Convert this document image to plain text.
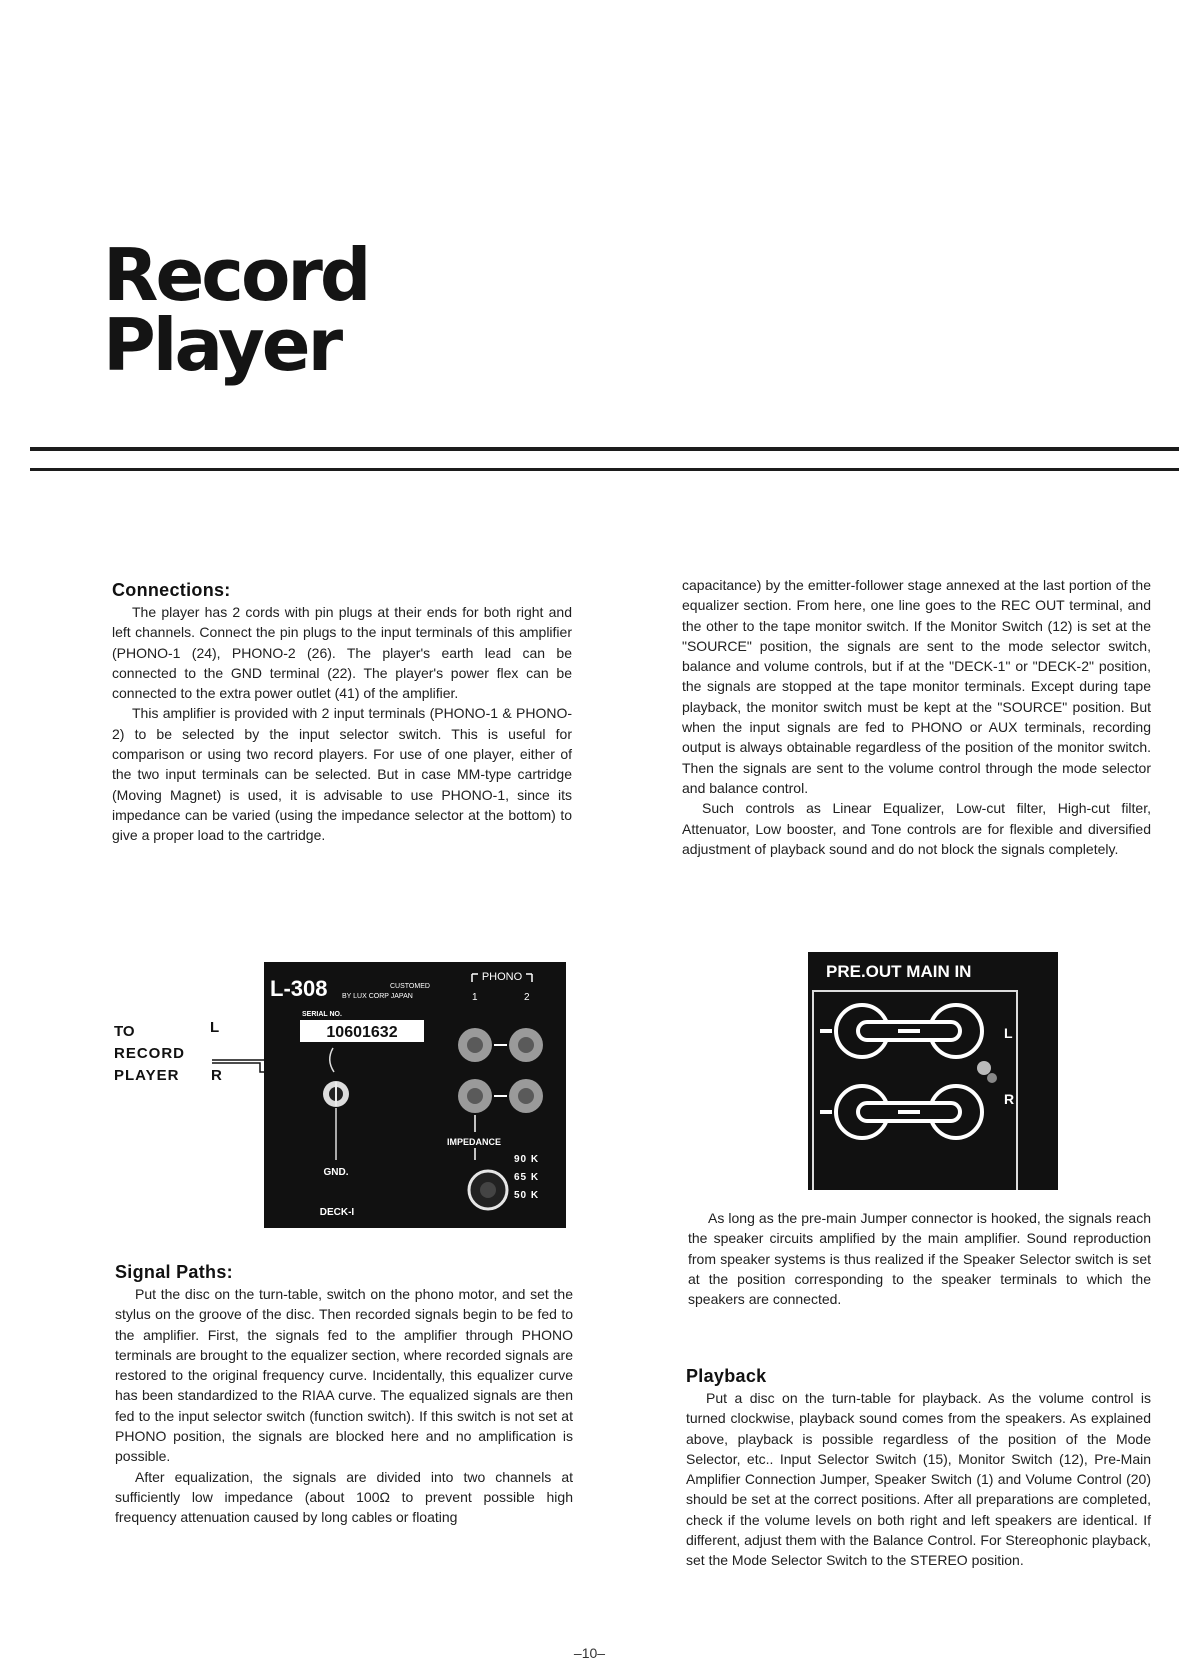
Record
Player
Connections:

The player has 2 cords with pin plugs at their ends for both right and left channels. Connect the pin plugs to the input terminals of this amplifier (PHONO-1 (24), PHONO-2 (26). The player's earth lead can be connected to the GND terminal (22). The player's power flex can be connected to the extra power outlet (41) of the amplifier.

This amplifier is provided with 2 input terminals (PHONO-1 & PHONO-2) to be selected by the input selector switch. This is useful for comparison or using two record players. For use of one player, either of the two input terminals can be selected. But in case MM-type cartridge (Moving Magnet) is used, it is advisable to use PHONO-1, since its impedance can be varied (using the impedance selector at the bottom) to give a proper load to the cartridge.

TO
RECORD
PLAYER
L
R
L-308	CUSTOMED
BY LUX CORP JAPAN
SERIAL NO.
10601632
PHONO
1	2
GND.
IMPEDANCE
90 K
65 K
50 K
DECK-I
Signal Paths:

Put the disc on the turn-table, switch on the phono motor, and set the stylus on the groove of the disc. Then recorded signals begin to be fed to the amplifier. First, the signals fed to the amplifier through PHONO terminals are brought to the equalizer section, where recorded signals are restored to the original frequency curve. Incidentally, this equalizer curve has been standardized to the RIAA curve. The equalized signals are then fed to the input selector switch (function switch). If this switch is not set at PHONO position, the signals are blocked here and no amplification is possible.

After equalization, the signals are divided into two channels at sufficiently low impedance (about 100Ω to prevent possible high frequency attenuation caused by long cables or floating

capacitance) by the emitter-follower stage annexed at the last portion of the equalizer section. From here, one line goes to the REC OUT terminal, and the other to the tape monitor switch. If the Monitor Switch (12) is set at the "SOURCE" position, the signals are sent to the mode selector switch, balance and volume controls, but if at the "DECK-1" or "DECK-2" position, the signals are stopped at the tape monitor terminals. Except during tape playback, the monitor switch must be kept at the "SOURCE" position. But when the input signals are fed to PHONO or AUX terminals, recording output is always obtainable regardless of the position of the monitor switch. Then the signals are sent to the volume control through the mode selector and balance control.

Such controls as Linear Equalizer, Low-cut filter, High-cut filter, Attenuator, Low booster, and Tone controls are for flexible and diversified adjustment of playback sound and do not block the signals completely.

PRE.OUT MAIN IN
L
R

As long as the pre-main Jumper connector is hooked, the signals reach the speaker circuits amplified by the main amplifier. Sound reproduction from speaker systems is thus realized if the Speaker Selector switch is set at the position corresponding to the speaker terminals to which the speakers are connected.

Playback

Put a disc on the turn-table for playback. As the volume control is turned clockwise, playback sound comes from the speakers. As explained above, playback is possible regardless of the position of the Mode Selector, etc.. Input Selector Switch (15), Monitor Switch (12), Pre-Main Amplifier Connection Jumper, Speaker Switch (1) and Volume Control (20) should be set at the correct positions. After all preparations are completed, check if the volume levels on both right and left speakers are identical. If different, adjust them with the Balance Control. For Stereophonic playback, set the Mode Selector Switch to the STEREO position.

–10–
